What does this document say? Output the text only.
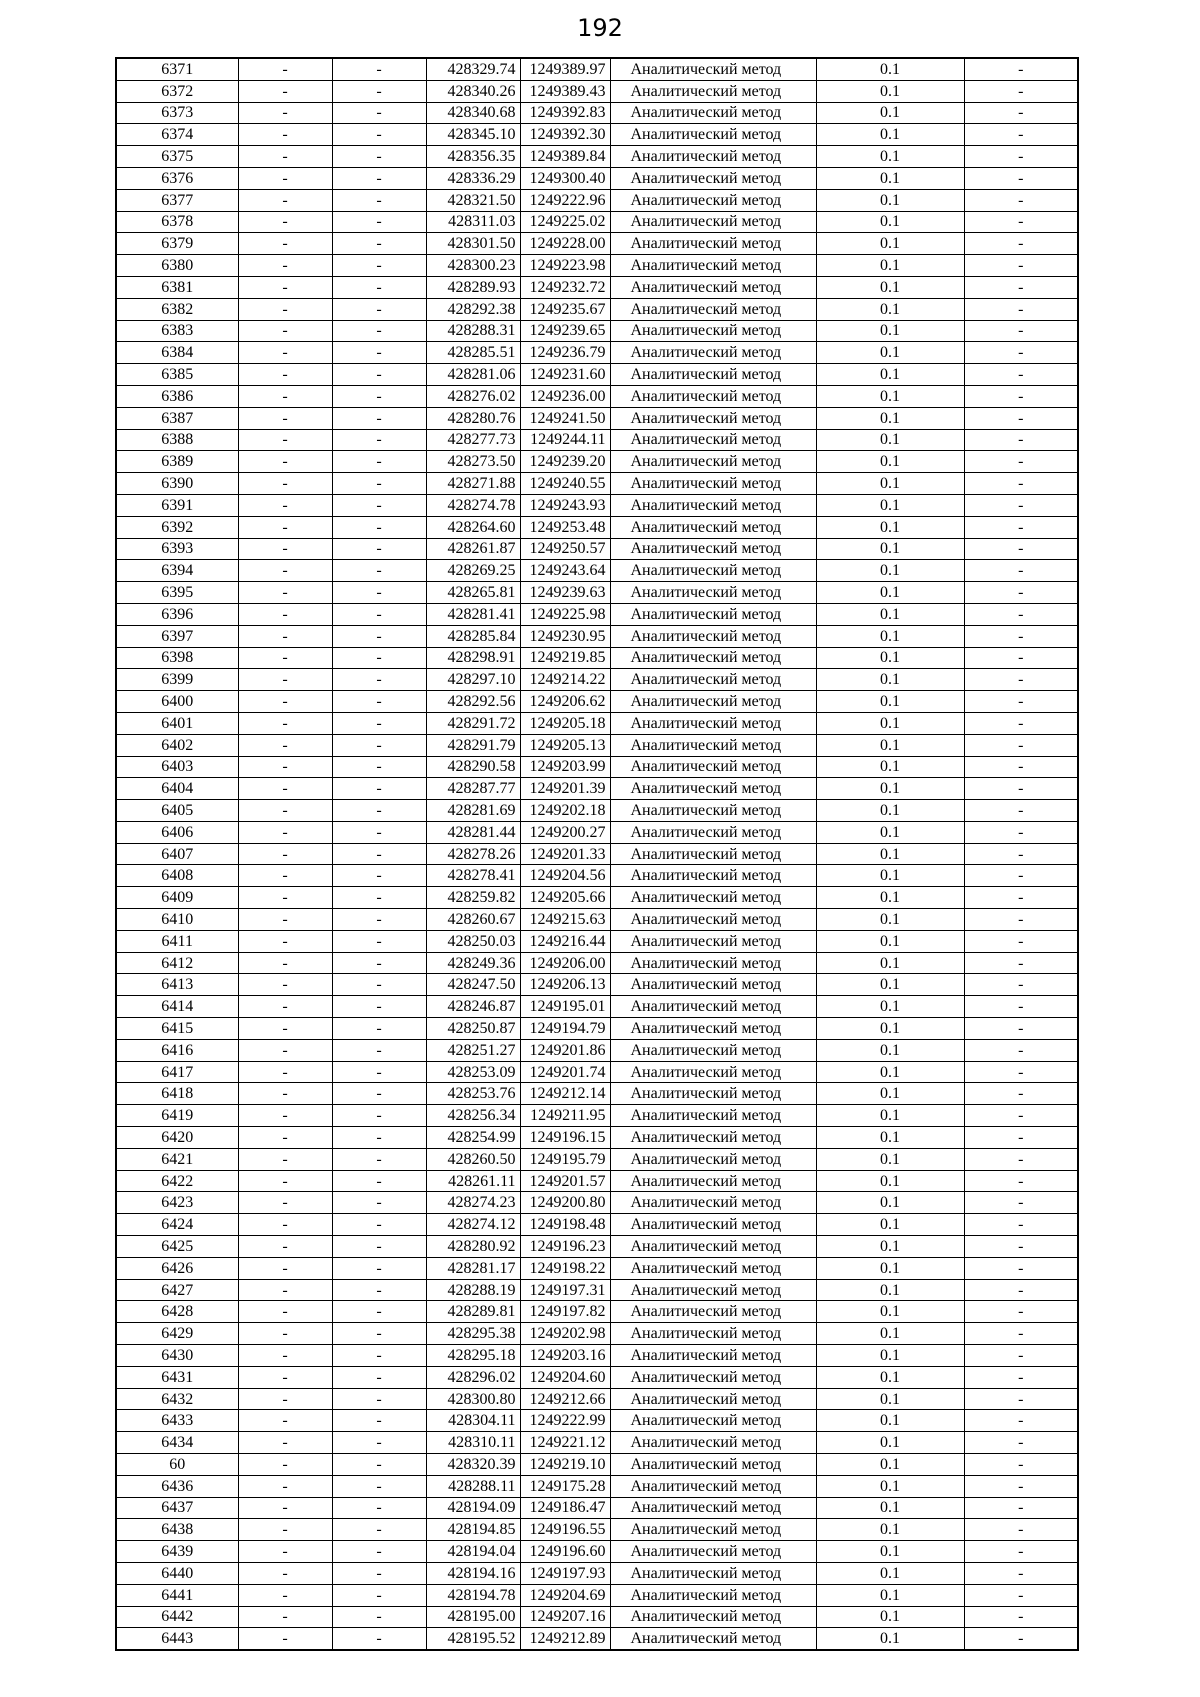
192
6371	-	-	428329.74	1249389.97	Аналитический метод	0.1	-
6372	-	-	428340.26	1249389.43	Аналитический метод	0.1	-
6373	-	-	428340.68	1249392.83	Аналитический метод	0.1	-
6374	-	-	428345.10	1249392.30	Аналитический метод	0.1	-
6375	-	-	428356.35	1249389.84	Аналитический метод	0.1	-
6376	-	-	428336.29	1249300.40	Аналитический метод	0.1	-
6377	-	-	428321.50	1249222.96	Аналитический метод	0.1	-
6378	-	-	428311.03	1249225.02	Аналитический метод	0.1	-
6379	-	-	428301.50	1249228.00	Аналитический метод	0.1	-
6380	-	-	428300.23	1249223.98	Аналитический метод	0.1	-
6381	-	-	428289.93	1249232.72	Аналитический метод	0.1	-
6382	-	-	428292.38	1249235.67	Аналитический метод	0.1	-
6383	-	-	428288.31	1249239.65	Аналитический метод	0.1	-
6384	-	-	428285.51	1249236.79	Аналитический метод	0.1	-
6385	-	-	428281.06	1249231.60	Аналитический метод	0.1	-
6386	-	-	428276.02	1249236.00	Аналитический метод	0.1	-
6387	-	-	428280.76	1249241.50	Аналитический метод	0.1	-
6388	-	-	428277.73	1249244.11	Аналитический метод	0.1	-
6389	-	-	428273.50	1249239.20	Аналитический метод	0.1	-
6390	-	-	428271.88	1249240.55	Аналитический метод	0.1	-
6391	-	-	428274.78	1249243.93	Аналитический метод	0.1	-
6392	-	-	428264.60	1249253.48	Аналитический метод	0.1	-
6393	-	-	428261.87	1249250.57	Аналитический метод	0.1	-
6394	-	-	428269.25	1249243.64	Аналитический метод	0.1	-
6395	-	-	428265.81	1249239.63	Аналитический метод	0.1	-
6396	-	-	428281.41	1249225.98	Аналитический метод	0.1	-
6397	-	-	428285.84	1249230.95	Аналитический метод	0.1	-
6398	-	-	428298.91	1249219.85	Аналитический метод	0.1	-
6399	-	-	428297.10	1249214.22	Аналитический метод	0.1	-
6400	-	-	428292.56	1249206.62	Аналитический метод	0.1	-
6401	-	-	428291.72	1249205.18	Аналитический метод	0.1	-
6402	-	-	428291.79	1249205.13	Аналитический метод	0.1	-
6403	-	-	428290.58	1249203.99	Аналитический метод	0.1	-
6404	-	-	428287.77	1249201.39	Аналитический метод	0.1	-
6405	-	-	428281.69	1249202.18	Аналитический метод	0.1	-
6406	-	-	428281.44	1249200.27	Аналитический метод	0.1	-
6407	-	-	428278.26	1249201.33	Аналитический метод	0.1	-
6408	-	-	428278.41	1249204.56	Аналитический метод	0.1	-
6409	-	-	428259.82	1249205.66	Аналитический метод	0.1	-
6410	-	-	428260.67	1249215.63	Аналитический метод	0.1	-
6411	-	-	428250.03	1249216.44	Аналитический метод	0.1	-
6412	-	-	428249.36	1249206.00	Аналитический метод	0.1	-
6413	-	-	428247.50	1249206.13	Аналитический метод	0.1	-
6414	-	-	428246.87	1249195.01	Аналитический метод	0.1	-
6415	-	-	428250.87	1249194.79	Аналитический метод	0.1	-
6416	-	-	428251.27	1249201.86	Аналитический метод	0.1	-
6417	-	-	428253.09	1249201.74	Аналитический метод	0.1	-
6418	-	-	428253.76	1249212.14	Аналитический метод	0.1	-
6419	-	-	428256.34	1249211.95	Аналитический метод	0.1	-
6420	-	-	428254.99	1249196.15	Аналитический метод	0.1	-
6421	-	-	428260.50	1249195.79	Аналитический метод	0.1	-
6422	-	-	428261.11	1249201.57	Аналитический метод	0.1	-
6423	-	-	428274.23	1249200.80	Аналитический метод	0.1	-
6424	-	-	428274.12	1249198.48	Аналитический метод	0.1	-
6425	-	-	428280.92	1249196.23	Аналитический метод	0.1	-
6426	-	-	428281.17	1249198.22	Аналитический метод	0.1	-
6427	-	-	428288.19	1249197.31	Аналитический метод	0.1	-
6428	-	-	428289.81	1249197.82	Аналитический метод	0.1	-
6429	-	-	428295.38	1249202.98	Аналитический метод	0.1	-
6430	-	-	428295.18	1249203.16	Аналитический метод	0.1	-
6431	-	-	428296.02	1249204.60	Аналитический метод	0.1	-
6432	-	-	428300.80	1249212.66	Аналитический метод	0.1	-
6433	-	-	428304.11	1249222.99	Аналитический метод	0.1	-
6434	-	-	428310.11	1249221.12	Аналитический метод	0.1	-
60	-	-	428320.39	1249219.10	Аналитический метод	0.1	-
6436	-	-	428288.11	1249175.28	Аналитический метод	0.1	-
6437	-	-	428194.09	1249186.47	Аналитический метод	0.1	-
6438	-	-	428194.85	1249196.55	Аналитический метод	0.1	-
6439	-	-	428194.04	1249196.60	Аналитический метод	0.1	-
6440	-	-	428194.16	1249197.93	Аналитический метод	0.1	-
6441	-	-	428194.78	1249204.69	Аналитический метод	0.1	-
6442	-	-	428195.00	1249207.16	Аналитический метод	0.1	-
6443	-	-	428195.52	1249212.89	Аналитический метод	0.1	-
